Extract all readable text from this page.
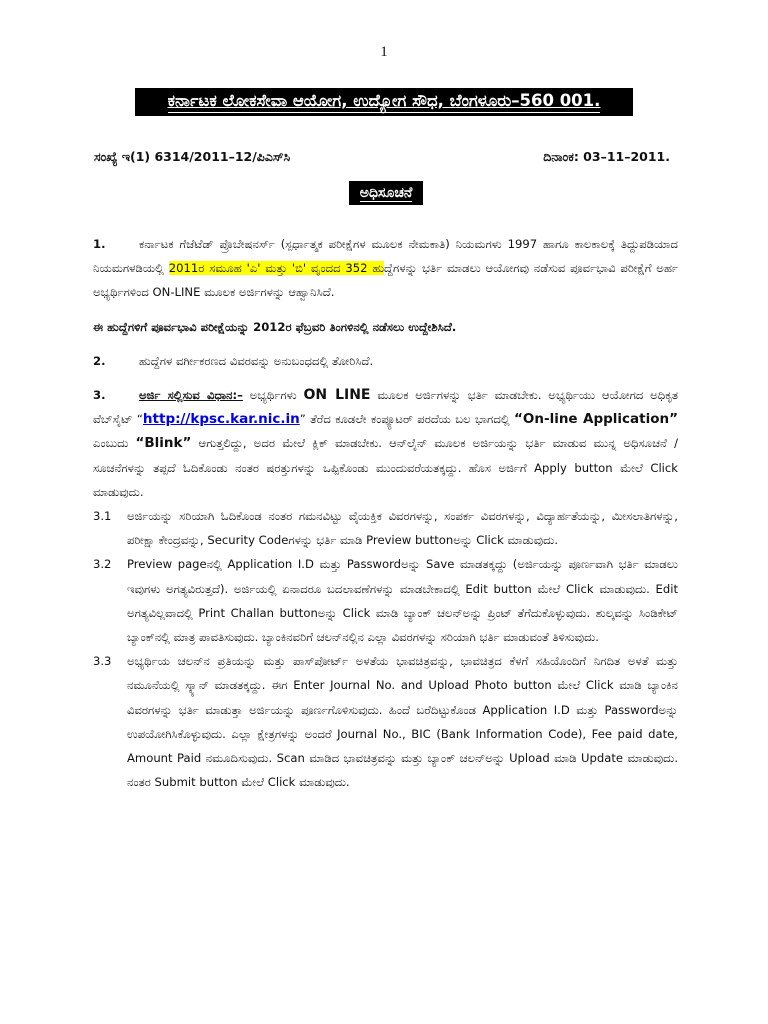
1
ಕರ್ನಾಟಕ ಲೋಕಸೇವಾ ಆಯೋಗ, ಉದ್ಯೋಗ ಸೌಧ, ಬೆಂಗಳೂರು–560 001.
ಸಂಖ್ಯೆ ಇ(1) 6314/2011–12/ಪಿಎಸ್‌ಸಿ	ದಿನಾಂಕ: 03–11–2011.
ಅಧಿಸೂಚನೆ

1.	ಕರ್ನಾಟಕ ಗೆಜೆಟೆಡ್ ಪ್ರೊಬೇಷನರ್ಸ್ (ಸ್ಪರ್ಧಾತ್ಮಕ ಪರೀಕ್ಷೆಗಳ ಮೂಲಕ ನೇಮಕಾತಿ) ನಿಯಮಗಳು 1997 ಹಾಗೂ ಕಾಲಕಾಲಕ್ಕೆ ತಿದ್ದುಪಡಿಯಾದ ನಿಯಮಗಳಡಿಯಲ್ಲಿ 2011ರ ಸಮೂಹ 'ಎ' ಮತ್ತು 'ಬಿ' ವೃಂದದ 352 ಹುದ್ದೆಗಳನ್ನು ಭರ್ತಿ ಮಾಡಲು ಆಯೋಗವು ನಡೆಸುವ ಪೂರ್ವಭಾವಿ ಪರೀಕ್ಷೆಗೆ ಅರ್ಹ ಅಭ್ಯರ್ಥಿಗಳಿಂದ ON-LINE ಮೂಲಕ ಅರ್ಜಿಗಳನ್ನು ಆಹ್ವಾನಿಸಿದೆ.

ಈ ಹುದ್ದೆಗಳಿಗೆ ಪೂರ್ವಭಾವಿ ಪರೀಕ್ಷೆಯನ್ನು 2012ರ ಫೆಬ್ರವರಿ ತಿಂಗಳಿನಲ್ಲಿ ನಡೆಸಲು ಉದ್ದೇಶಿಸಿದೆ.

2.	ಹುದ್ದೆಗಳ ವರ್ಗೀಕರಣದ ವಿವರವನ್ನು ಅನುಬಂಧದಲ್ಲಿ ತೋರಿಸಿದೆ.

3.	ಅರ್ಜಿ ಸಲ್ಲಿಸುವ ವಿಧಾನ:– ಅಭ್ಯರ್ಥಿಗಳು ON LINE ಮೂಲಕ ಅರ್ಜಿಗಳನ್ನು ಭರ್ತಿ ಮಾಡಬೇಕು. ಅಭ್ಯರ್ಥಿಯು ಆಯೋಗದ ಅಧಿಕೃತ ವೆಬ್‌ಸೈಟ್ “http://kpsc.kar.nic.in” ತೆರೆದ ಕೂಡಲೇ ಕಂಪ್ಯೂಟರ್ ಪರದೆಯ ಬಲ ಭಾಗದಲ್ಲಿ “On-line Application” ಎಂಬುದು “Blink” ಆಗುತ್ತಲಿದ್ದು, ಅದರ ಮೇಲೆ ಕ್ಲಿಕ್ ಮಾಡಬೇಕು. ಆನ್‌ಲೈನ್ ಮೂಲಕ ಅರ್ಜಿಯನ್ನು ಭರ್ತಿ ಮಾಡುವ ಮುನ್ನ ಅಧಿಸೂಚನೆ / ಸೂಚನೆಗಳನ್ನು ತಪ್ಪದೆ ಓದಿಕೊಂಡು ನಂತರ ಷರತ್ತುಗಳನ್ನು ಒಪ್ಪಿಕೊಂಡು ಮುಂದುವರೆಯತಕ್ಕದ್ದು. ಹೊಸ ಅರ್ಜಿಗೆ Apply button ಮೇಲೆ Click ಮಾಡುವುದು.

3.1	ಅರ್ಜಿಯನ್ನು ಸರಿಯಾಗಿ ಓದಿಕೊಂಡ ನಂತರ ಗಮನವಿಟ್ಟು ವೈಯಕ್ತಿಕ ವಿವರಗಳನ್ನು, ಸಂಪರ್ಕ ವಿವರಗಳನ್ನು, ವಿದ್ಯಾರ್ಹತೆಯನ್ನು, ಮೀಸಲಾತಿಗಳನ್ನು, ಪರೀಕ್ಷಾ ಕೇಂದ್ರವನ್ನು, Security Codeಗಳನ್ನು ಭರ್ತಿ ಮಾಡಿ Preview buttonಅನ್ನು Click ಮಾಡುವುದು.
3.2	Preview pageನಲ್ಲಿ Application I.D ಮತ್ತು Passwordಅನ್ನು Save ಮಾಡತಕ್ಕದ್ದು (ಅರ್ಜಿಯನ್ನು ಪೂರ್ಣವಾಗಿ ಭರ್ತಿ ಮಾಡಲು ಇವುಗಳು ಅಗತ್ಯವಿರುತ್ತದೆ). ಅರ್ಜಿಯಲ್ಲಿ ಏನಾದರೂ ಬದಲಾವಣೆಗಳನ್ನು ಮಾಡಬೇಕಾದಲ್ಲಿ Edit button ಮೇಲೆ Click ಮಾಡುವುದು. Edit ಅಗತ್ಯವಿಲ್ಲವಾದಲ್ಲಿ Print Challan buttonಅನ್ನು Click ಮಾಡಿ ಬ್ಯಾಂಕ್ ಚಲನ್‌ಅನ್ನು ಪ್ರಿಂಟ್ ತೆಗೆದುಕೊಳ್ಳುವುದು. ಶುಲ್ಕವನ್ನು ಸಿಂಡಿಕೇಟ್ ಬ್ಯಾಂಕ್‌ನಲ್ಲಿ ಮಾತ್ರ ಪಾವತಿಸುವುದು. ಬ್ಯಾಂಕಿನವರಿಗೆ ಚಲನ್‌ನಲ್ಲಿನ ಎಲ್ಲಾ ವಿವರಗಳನ್ನು ಸರಿಯಾಗಿ ಭರ್ತಿ ಮಾಡುವಂತೆ ತಿಳಿಸುವುದು.
3.3	ಅಭ್ಯರ್ಥಿಯ ಚಲನ್‌ನ ಪ್ರತಿಯನ್ನು ಮತ್ತು ಪಾಸ್‌ಪೋರ್ಟ್ ಅಳತೆಯ ಭಾವಚಿತ್ರವನ್ನು, ಭಾವಚಿತ್ರದ ಕೆಳಗೆ ಸಹಿಯೊಂದಿಗೆ ನಿಗದಿತ ಅಳತೆ ಮತ್ತು ನಮೂನೆಯಲ್ಲಿ ಸ್ಕ್ಯಾನ್ ಮಾಡತಕ್ಕದ್ದು. ಈಗ Enter Journal No. and Upload Photo button ಮೇಲೆ Click ಮಾಡಿ ಬ್ಯಾಂಕಿನ ವಿವರಗಳನ್ನು ಭರ್ತಿ ಮಾಡುತ್ತಾ ಅರ್ಜಿಯನ್ನು ಪೂರ್ಣಗೊಳಿಸುವುದು. ಹಿಂದೆ ಬರೆದಿಟ್ಟುಕೊಂಡ Application I.D ಮತ್ತು Passwordಅನ್ನು ಉಪಯೋಗಿಸಿಕೊಳ್ಳುವುದು. ಎಲ್ಲಾ ಕ್ಷೇತ್ರಗಳನ್ನು ಅಂದರೆ Journal No., BIC (Bank Information Code), Fee paid date, Amount Paid ನಮೂದಿಸುವುದು. Scan ಮಾಡಿದ ಭಾವಚಿತ್ರವನ್ನು ಮತ್ತು ಬ್ಯಾಂಕ್ ಚಲನ್‌ಅನ್ನು Upload ಮಾಡಿ Update ಮಾಡುವುದು. ನಂತರ Submit button ಮೇಲೆ Click ಮಾಡುವುದು.
